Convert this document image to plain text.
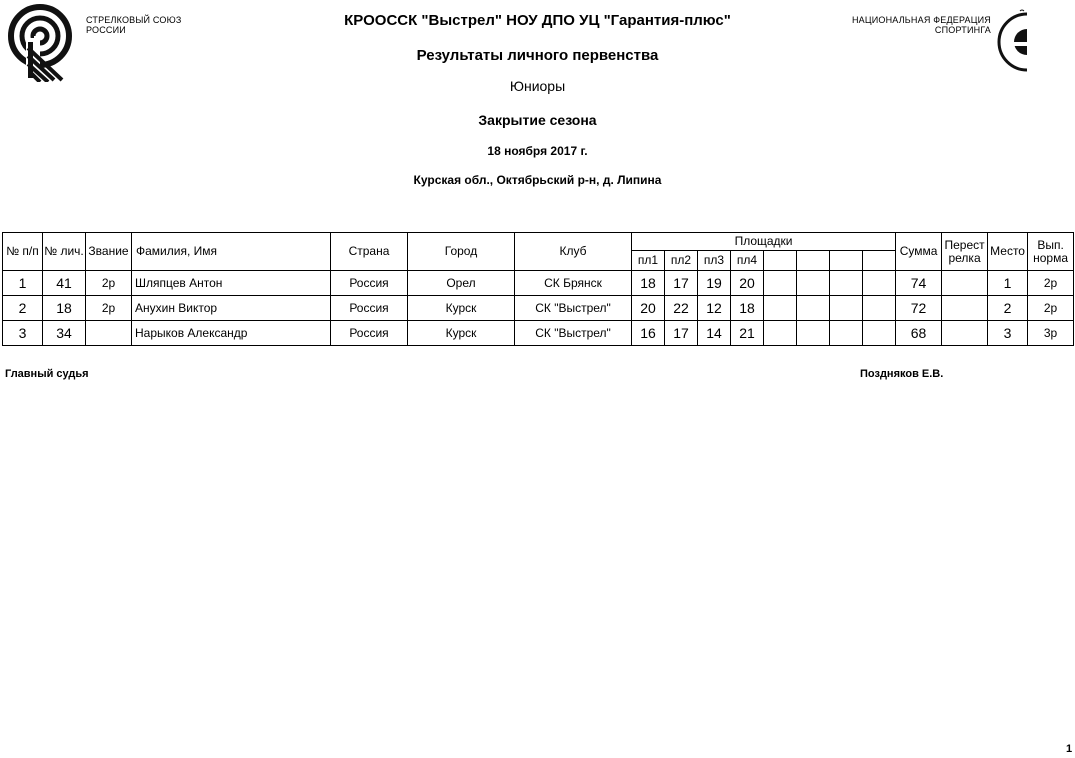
СТРЕЛКОВЫЙ СОЮЗ
РОССИИ
НАЦИОНАЛЬНАЯ ФЕДЕРАЦИЯ
СПОРТИНГА
КРООССК "Выстрел" НОУ ДПО УЦ "Гарантия-плюс"
Результаты личного первенства
Юниоры
Закрытие сезона
18 ноября 2017 г.
Курская обл., Октябрьский р-н, д. Липина
№ п/п	№ лич.	Звание	Фамилия, Имя	Страна	Город	Клуб	Площадки								Сумма	Перестрелка	Место	Вып. норма
							пл1	пл2	пл3	пл4								
1	41	2р	Шляпцев Антон	Россия	Орел	СК Брянск	18	17	19	20					74		1	2р
2	18	2р	Анухин Виктор	Россия	Курск	СК "Выстрел"	20	22	12	18					72		2	2р
3	34		Нарыков Александр	Россия	Курск	СК "Выстрел"	16	17	14	21					68		3	3р
Главный судья	Поздняков Е.В.
1
